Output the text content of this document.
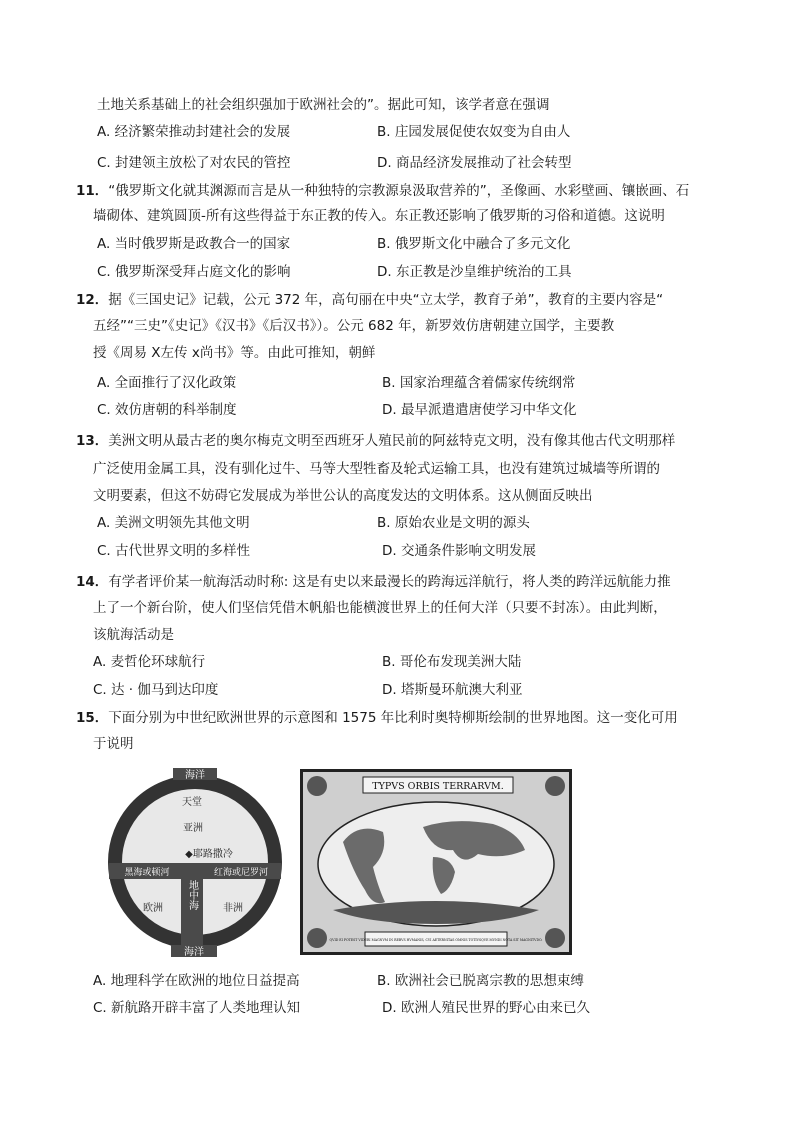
土地关系基础上的社会组织强加于欧洲社会的”。据此可知，该学者意在强调
A. 经济繁荣推动封建社会的发展	B. 庄园发展促使农奴变为自由人
C. 封建领主放松了对农民的管控	D. 商品经济发展推动了社会转型
11．“俄罗斯文化就其渊源而言是从一种独特的宗教源泉汲取营养的”，圣像画、水彩壁画、镶嵌画、石
墙砌体、建筑圆顶-所有这些得益于东正教的传入。东正教还影响了俄罗斯的习俗和道德。这说明
A. 当时俄罗斯是政教合一的国家	B. 俄罗斯文化中融合了多元文化
C. 俄罗斯深受拜占庭文化的影响	D. 东正教是沙皇维护统治的工具
12．据《三国史记》记载，公元 372 年，高句丽在中央“立太学，教育子弟”，教育的主要内容是“
五经”“三史”《史记》《汉书》《后汉书》）。公元 682 年，新罗效仿唐朝建立国学，主要教
授《周易 X左传 x尚书》等。由此可推知，朝鲜
A. 全面推行了汉化政策	B. 国家治理蕴含着儒家传统纲常
C. 效仿唐朝的科举制度	D. 最早派遣遣唐使学习中华文化
13．美洲文明从最古老的奥尔梅克文明至西班牙人殖民前的阿兹特克文明，没有像其他古代文明那样
广泛使用金属工具，没有驯化过牛、马等大型牲畜及轮式运输工具，也没有建筑过城墙等所谓的
文明要素，但这不妨碍它发展成为举世公认的高度发达的文明体系。这从侧面反映出
A. 美洲文明领先其他文明	B. 原始农业是文明的源头
C. 古代世界文明的多样性	D. 交通条件影响文明发展
14．有学者评价某一航海活动时称: 这是有史以来最漫长的跨海远洋航行，将人类的跨洋远航能力推
上了一个新台阶，使人们坚信凭借木帆船也能横渡世界上的任何大洋（只要不封冻）。由此判断，
该航海活动是
A. 麦哲伦环球航行	B. 哥伦布发现美洲大陆
C. 达 · 伽马到达印度	D. 塔斯曼环航澳大利亚
15．下面分别为中世纪欧洲世界的示意图和 1575 年比利时奥特柳斯绘制的世界地图。这一变化可用
于说明
海洋
海洋
天堂
亚洲
◆耶路撒冷
黑海或顿河	红海或尼罗河
欧洲	非洲
地中海
TYPVS ORBIS TERRARVM.
QVID EI POTEST VIDERI MAGNVM IN REBVS HVMANIS, CVI AETERNITAS OMNIS TOTIVSQVE MVNDI NOTA SIT MAGNITVDO.
A. 地理科学在欧洲的地位日益提高	B. 欧洲社会已脱离宗教的思想束缚
C. 新航路开辟丰富了人类地理认知	D. 欧洲人殖民世界的野心由来已久
